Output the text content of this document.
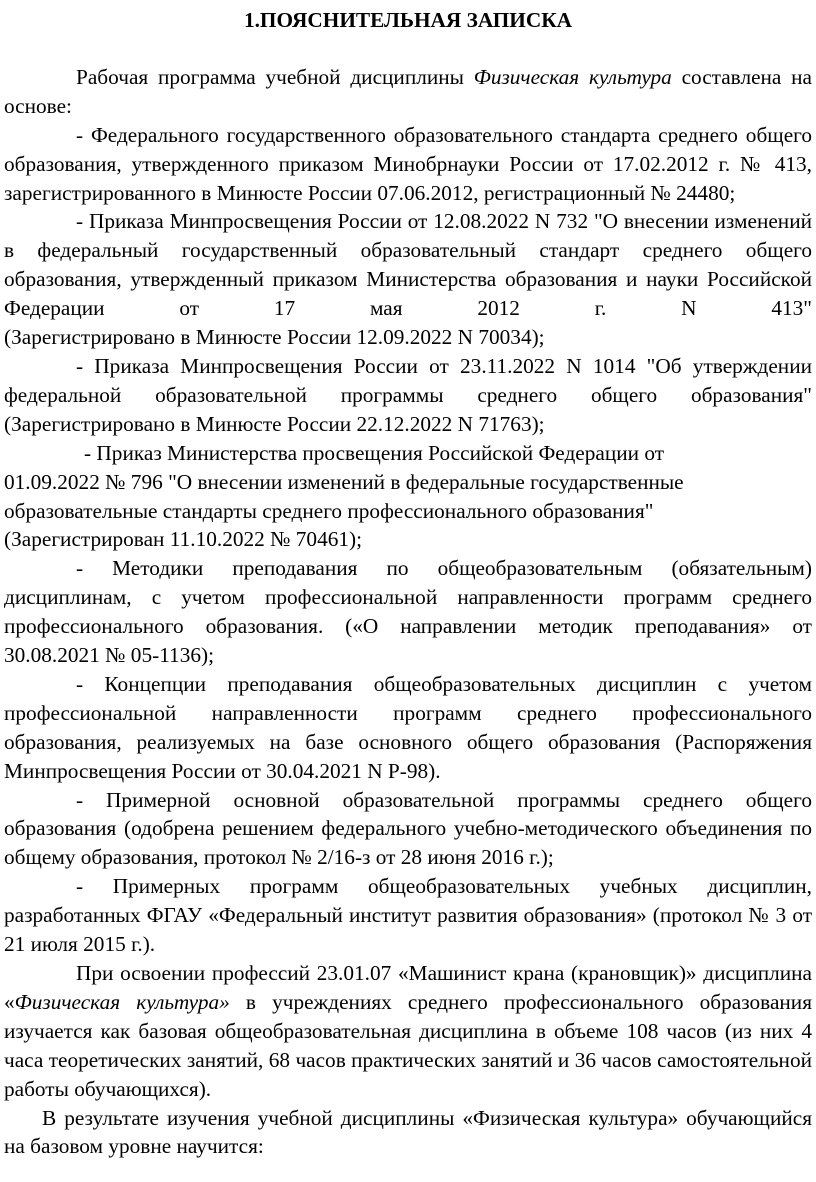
1.ПОЯСНИТЕЛЬНАЯ ЗАПИСКА

Рабочая программа учебной дисциплины Физическая культура составлена на основе:

- Федерального государственного образовательного стандарта среднего общего образования, утвержденного приказом Минобрнауки России от 17.02.2012 г. № 413, зарегистрированного в Минюсте России 07.06.2012, регистрационный № 24480;

- Приказа Минпросвещения России от 12.08.2022 N 732 "О внесении изменений в федеральный государственный образовательный стандарт среднего общего образования, утвержденный приказом Министерства образования и науки Российской Федерации от 17 мая 2012 г. N 413"

(Зарегистрировано в Минюсте России 12.09.2022 N 70034);

- Приказа Минпросвещения России от 23.11.2022 N 1014 "Об утверждении федеральной образовательной программы среднего общего образования" (Зарегистрировано в Минюсте России 22.12.2022 N 71763);

- Приказ Министерства просвещения Российской Федерации от
01.09.2022 № 796 "О внесении изменений в федеральные государственные
образовательные стандарты среднего профессионального образования"
(Зарегистрирован 11.10.2022 № 70461);

- Методики преподавания по общеобразовательным (обязательным) дисциплинам, с учетом профессиональной направленности программ среднего профессионального образования. («О направлении методик преподавания» от 30.08.2021 № 05-1136);

- Концепции преподавания общеобразовательных дисциплин с учетом профессиональной направленности программ среднего профессионального образования, реализуемых на базе основного общего образования (Распоряжения Минпросвещения России от 30.04.2021 N Р-98).

- Примерной основной образовательной программы среднего общего образования (одобрена решением федерального учебно-методического объединения по общему образования, протокол № 2/16-з от 28 июня 2016 г.);

- Примерных программ общеобразовательных учебных дисциплин, разработанных ФГАУ «Федеральный институт развития образования» (протокол № 3 от 21 июля 2015 г.).

При освоении профессий 23.01.07 «Машинист крана (крановщик)» дисциплина «Физическая культура» в учреждениях среднего профессионального образования изучается как базовая общеобразовательная дисциплина в объеме 108 часов (из них 4 часа теоретических занятий, 68 часов практических занятий и 36 часов самостоятельной работы обучающихся).

В результате изучения учебной дисциплины «Физическая культура» обучающийся на базовом уровне научится:
